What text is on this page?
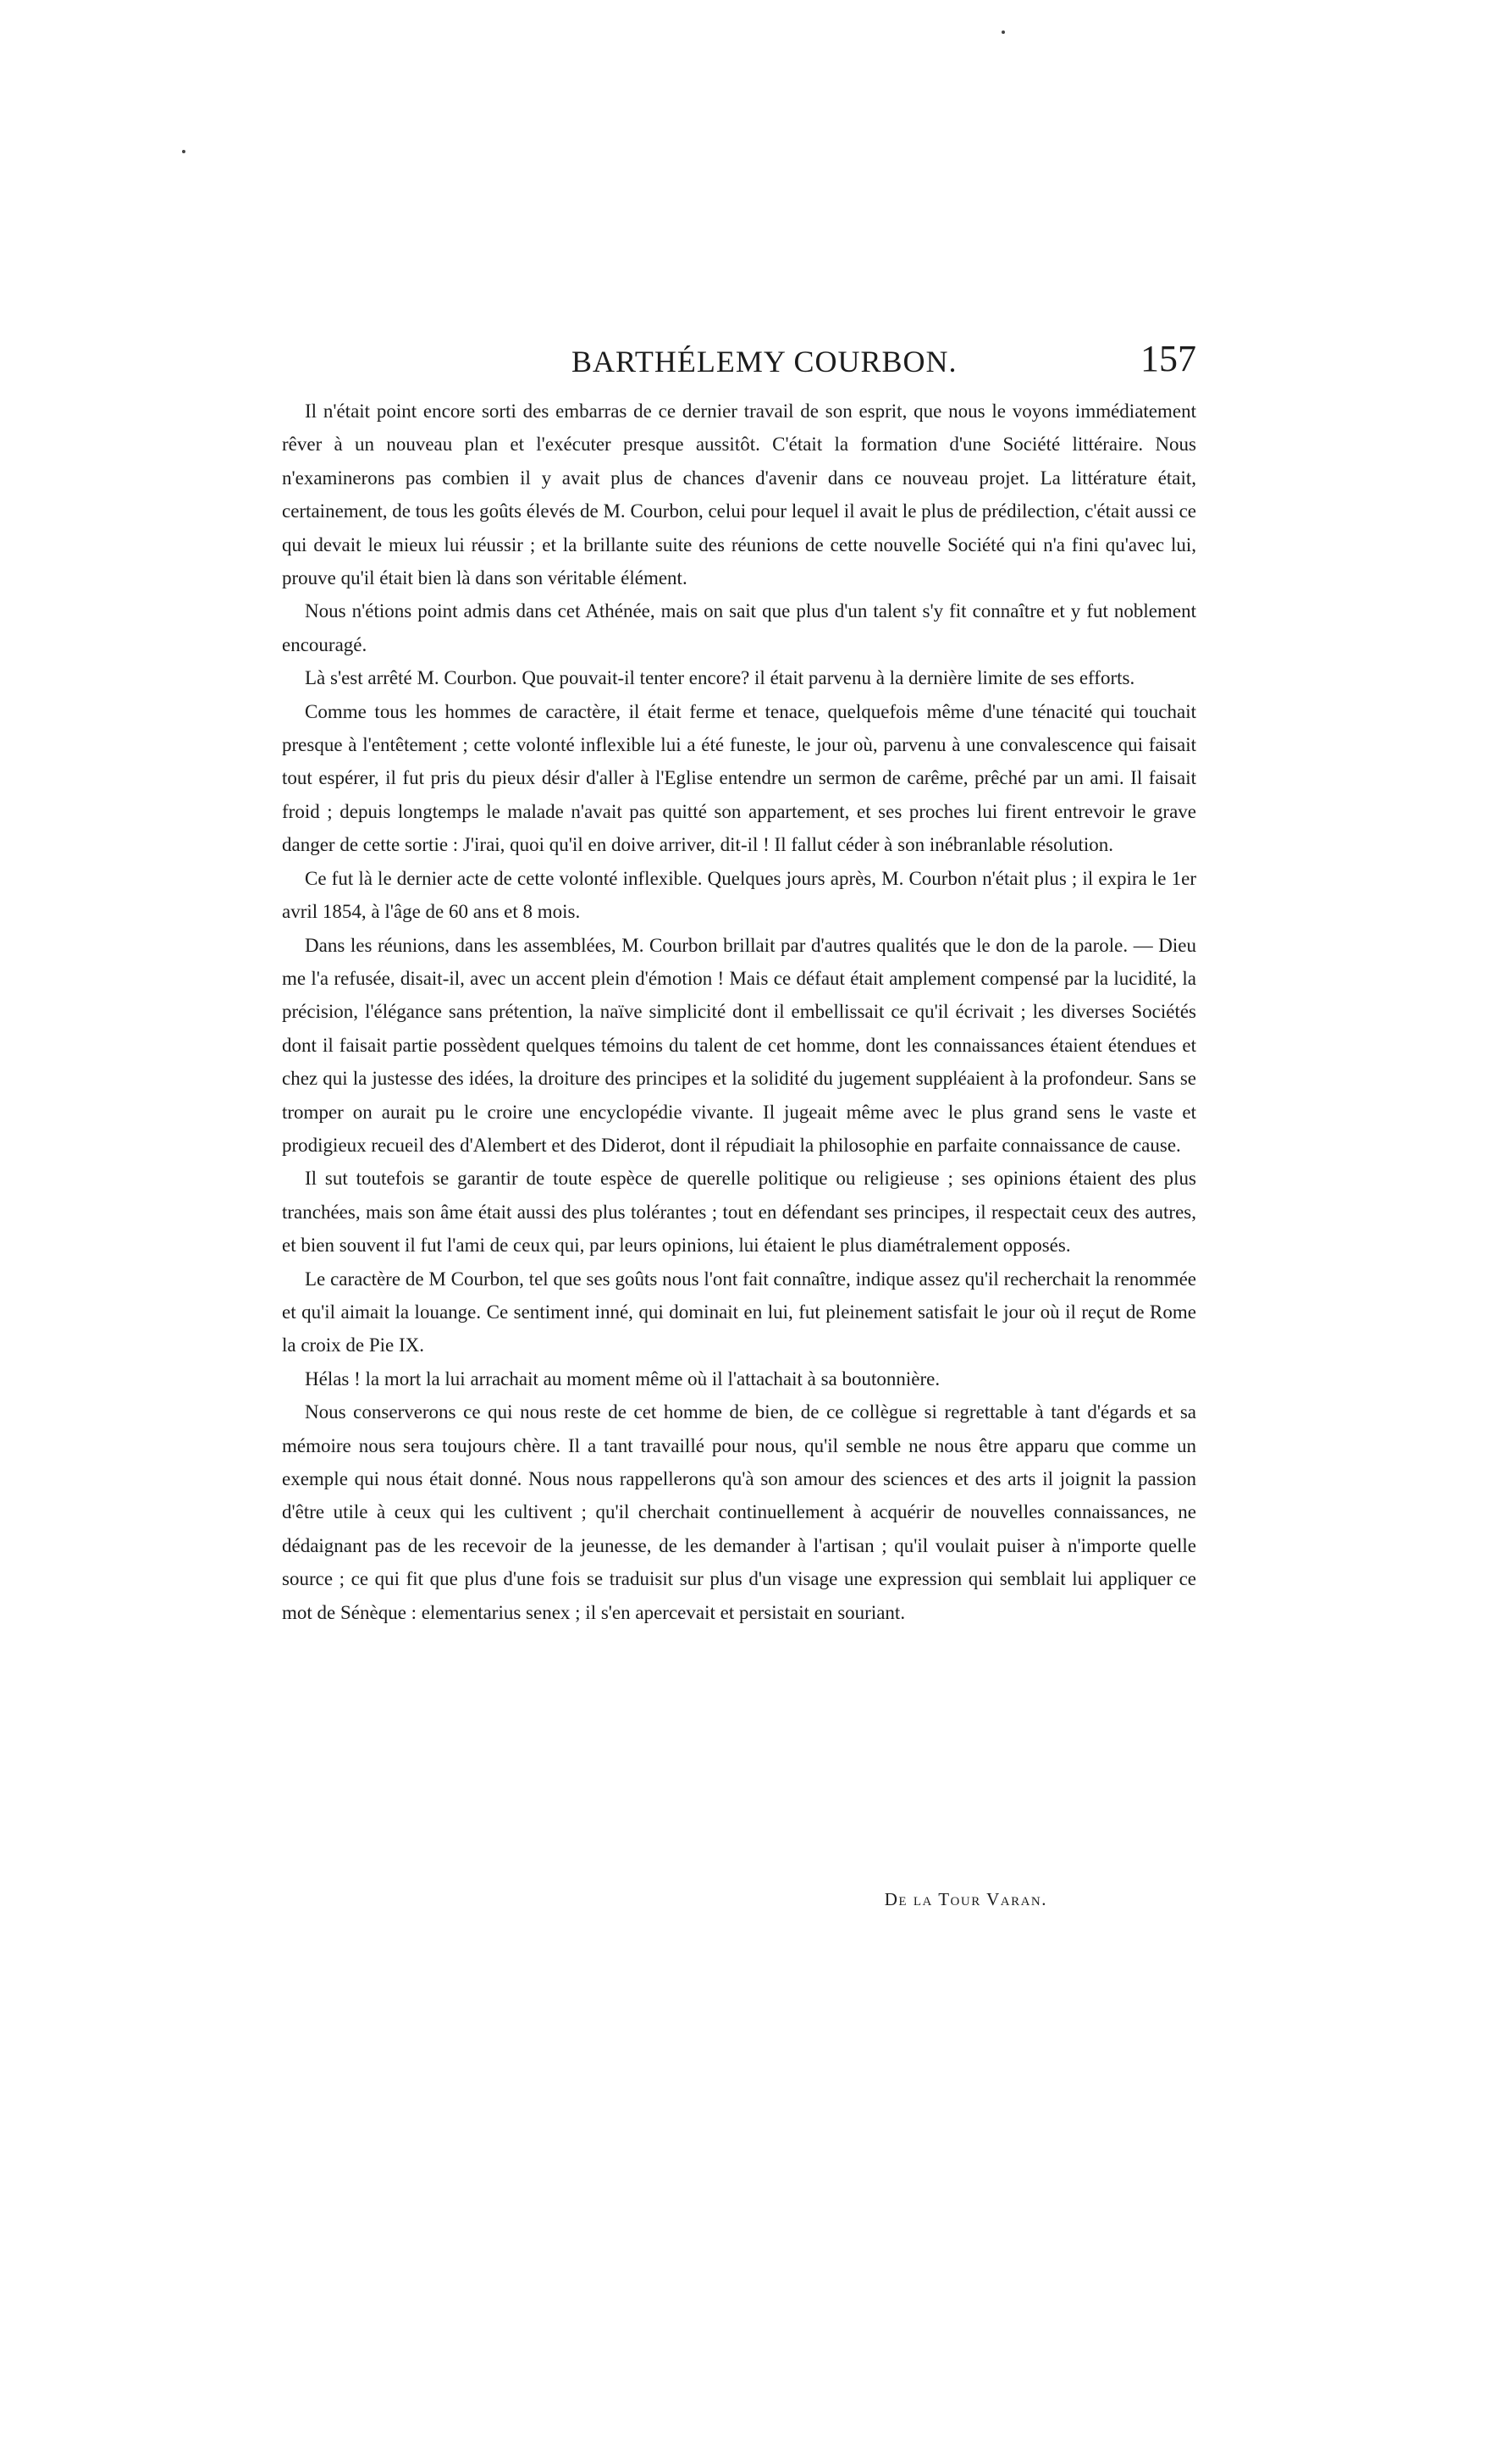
BARTHÉLEMY COURBON.	157

Il n'était point encore sorti des embarras de ce dernier travail de son esprit, que nous le voyons immédiatement rêver à un nouveau plan et l'exécuter presque aussitôt. C'était la formation d'une Société littéraire. Nous n'examinerons pas combien il y avait plus de chances d'avenir dans ce nouveau projet. La littérature était, certainement, de tous les goûts élevés de M. Courbon, celui pour lequel il avait le plus de prédilection, c'était aussi ce qui devait le mieux lui réussir ; et la brillante suite des réunions de cette nouvelle Société qui n'a fini qu'avec lui, prouve qu'il était bien là dans son véritable élément.

Nous n'étions point admis dans cet Athénée, mais on sait que plus d'un talent s'y fit connaître et y fut noblement encouragé.

Là s'est arrêté M. Courbon. Que pouvait-il tenter encore? il était parvenu à la dernière limite de ses efforts.

Comme tous les hommes de caractère, il était ferme et tenace, quelquefois même d'une ténacité qui touchait presque à l'entêtement ; cette volonté inflexible lui a été funeste, le jour où, parvenu à une convalescence qui faisait tout espérer, il fut pris du pieux désir d'aller à l'Eglise entendre un sermon de carême, prêché par un ami. Il faisait froid ; depuis longtemps le malade n'avait pas quitté son appartement, et ses proches lui firent entrevoir le grave danger de cette sortie : J'irai, quoi qu'il en doive arriver, dit-il ! Il fallut céder à son inébranlable résolution.

Ce fut là le dernier acte de cette volonté inflexible. Quelques jours après, M. Courbon n'était plus ; il expira le 1er avril 1854, à l'âge de 60 ans et 8 mois.

Dans les réunions, dans les assemblées, M. Courbon brillait par d'autres qualités que le don de la parole. — Dieu me l'a refusée, disait-il, avec un accent plein d'émotion ! Mais ce défaut était amplement compensé par la lucidité, la précision, l'élégance sans prétention, la naïve simplicité dont il embellissait ce qu'il écrivait ; les diverses Sociétés dont il faisait partie possèdent quelques témoins du talent de cet homme, dont les connaissances étaient étendues et chez qui la justesse des idées, la droiture des principes et la solidité du jugement suppléaient à la profondeur. Sans se tromper on aurait pu le croire une encyclopédie vivante. Il jugeait même avec le plus grand sens le vaste et prodigieux recueil des d'Alembert et des Diderot, dont il répudiait la philosophie en parfaite connaissance de cause.

Il sut toutefois se garantir de toute espèce de querelle politique ou religieuse ; ses opinions étaient des plus tranchées, mais son âme était aussi des plus tolérantes ; tout en défendant ses principes, il respectait ceux des autres, et bien souvent il fut l'ami de ceux qui, par leurs opinions, lui étaient le plus diamétralement opposés.

Le caractère de M Courbon, tel que ses goûts nous l'ont fait connaître, indique assez qu'il recherchait la renommée et qu'il aimait la louange. Ce sentiment inné, qui dominait en lui, fut pleinement satisfait le jour où il reçut de Rome la croix de Pie IX.

Hélas ! la mort la lui arrachait au moment même où il l'attachait à sa boutonnière.

Nous conserverons ce qui nous reste de cet homme de bien, de ce collègue si regrettable à tant d'égards et sa mémoire nous sera toujours chère. Il a tant travaillé pour nous, qu'il semble ne nous être apparu que comme un exemple qui nous était donné. Nous nous rappellerons qu'à son amour des sciences et des arts il joignit la passion d'être utile à ceux qui les cultivent ; qu'il cherchait continuellement à acquérir de nouvelles connaissances, ne dédaignant pas de les recevoir de la jeunesse, de les demander à l'artisan ; qu'il voulait puiser à n'importe quelle source ; ce qui fit que plus d'une fois se traduisit sur plus d'un visage une expression qui semblait lui appliquer ce mot de Sénèque : elementarius senex ; il s'en apercevait et persistait en souriant.

De la Tour Varan.
